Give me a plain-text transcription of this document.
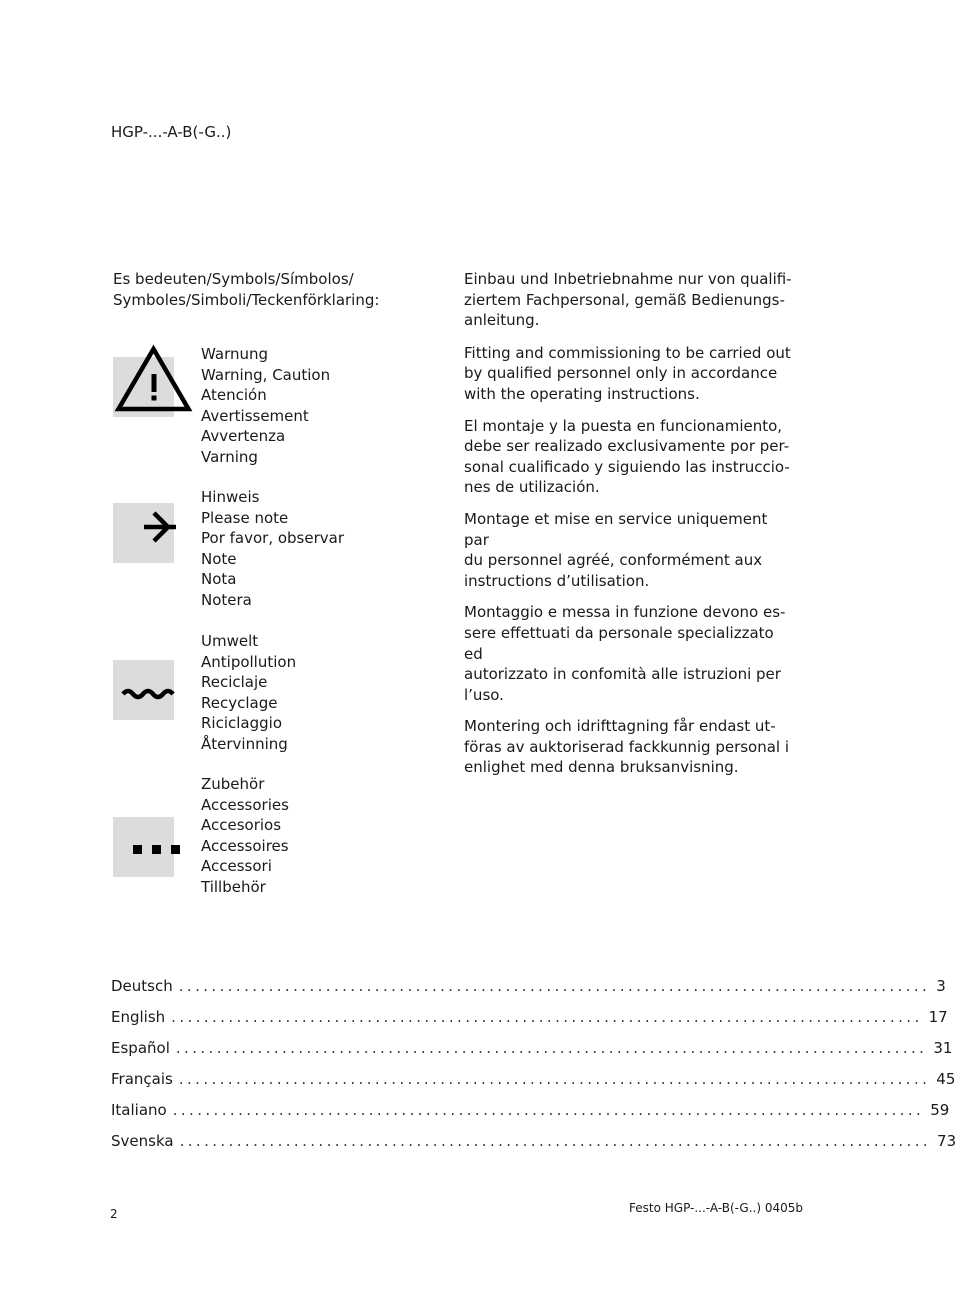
HGP-...-A-B(-G..)
Es bedeuten/Symbols/Símbolos/
Symboles/Simboli/Teckenförklaring:
Warnung
Warning, Caution
Atención
Avertissement
Avvertenza
Varning
Hinweis
Please note
Por favor, observar
Note
Nota
Notera
Umwelt
Antipollution
Reciclaje
Recyclage
Riciclaggio
Återvinning
Zubehör
Accessories
Accesorios
Accessoires
Accessori
Tillbehör
Einbau und Inbetriebnahme nur von qualifi-
ziertem Fachpersonal, gemäß Bedienungs-
anleitung.
Fitting and commissioning to be carried out
by qualified personnel only in accordance
with the operating instructions.
El montaje y la puesta en funcionamiento,
debe ser realizado exclusivamente por per-
sonal cualificado y siguiendo las instruccio-
nes de utilización.
Montage et mise en service uniquement par
du personnel agréé, conformément aux
instructions d’utilisation.
Montaggio e messa in funzione devono es-
sere effettuati da personale specializzato ed
autorizzato in confomità alle istruzioni per
l’uso.
Montering och idrifttagning får endast ut-
föras av auktoriserad fackkunnig personal i
enlighet med denna bruksanvisning.
Deutsch ............................................................................................ 3
English ............................................................................................ 17
Español ............................................................................................ 31
Français ............................................................................................ 45
Italiano ............................................................................................ 59
Svenska ............................................................................................ 73
2	Festo HGP-...-A-B(-G..) 0405b
